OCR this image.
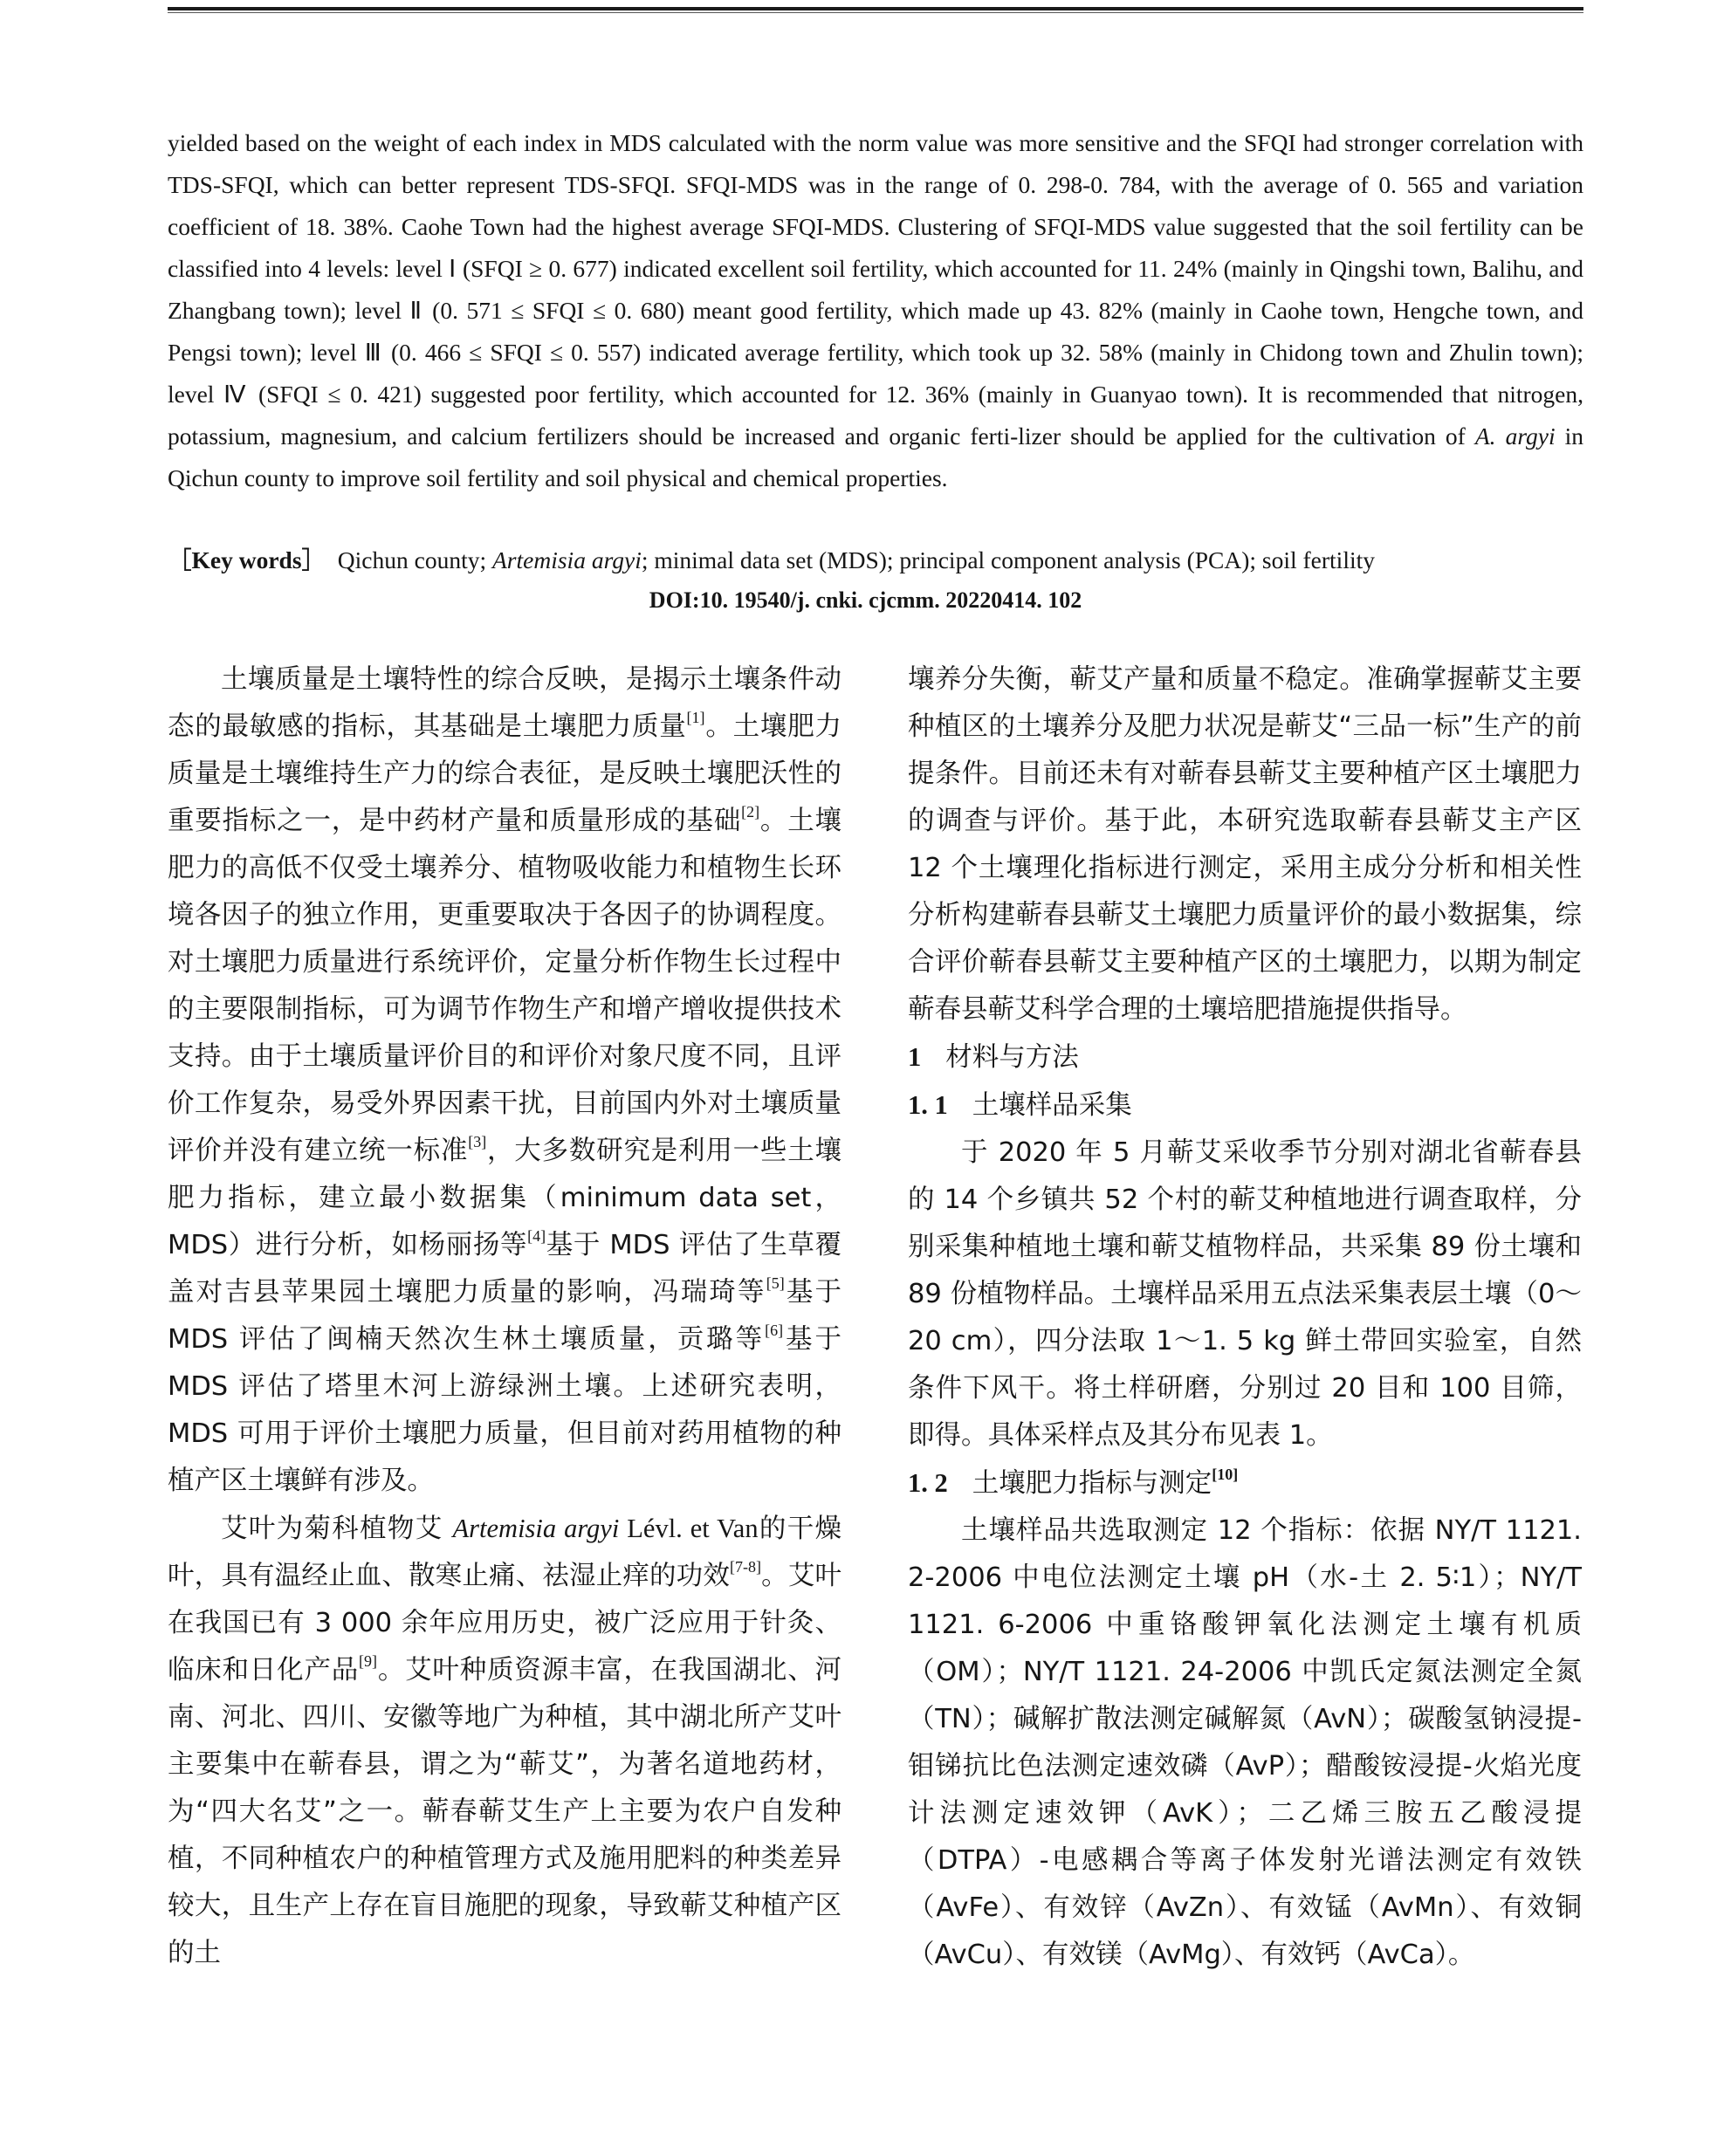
yielded based on the weight of each index in MDS calculated with the norm value was more sensitive and the SFQI had stronger correlation with TDS-SFQI, which can better represent TDS-SFQI. SFQI-MDS was in the range of 0. 298-0. 784, with the average of 0. 565 and variation coefficient of 18. 38%. Caohe Town had the highest average SFQI-MDS. Clustering of SFQI-MDS value suggested that the soil fertility can be classified into 4 levels: level Ⅰ (SFQI ≥ 0. 677) indicated excellent soil fertility, which accounted for 11. 24% (mainly in Qingshi town, Balihu, and Zhangbang town); level Ⅱ (0. 571 ≤ SFQI ≤ 0. 680) meant good fertility, which made up 43. 82% (mainly in Caohe town, Hengche town, and Pengsi town); level Ⅲ (0. 466 ≤ SFQI ≤ 0. 557) indicated average fertility, which took up 32. 58% (mainly in Chidong town and Zhulin town); level Ⅳ (SFQI ≤ 0. 421) suggested poor fertility, which accounted for 12. 36% (mainly in Guanyao town). It is recommended that nitrogen, potassium, magnesium, and calcium fertilizers should be increased and organic ferti-lizer should be applied for the cultivation of A. argyi in Qichun county to improve soil fertility and soil physical and chemical properties.
［Key words］ Qichun county; Artemisia argyi; minimal data set (MDS); principal component analysis (PCA); soil fertility
DOI:10. 19540/j. cnki. cjcmm. 20220414. 102

土壤质量是土壤特性的综合反映，是揭示土壤条件动态的最敏感的指标，其基础是土壤肥力质量[1]。土壤肥力质量是土壤维持生产力的综合表征，是反映土壤肥沃性的重要指标之一，是中药材产量和质量形成的基础[2]。土壤肥力的高低不仅受土壤养分、植物吸收能力和植物生长环境各因子的独立作用，更重要取决于各因子的协调程度。对土壤肥力质量进行系统评价，定量分析作物生长过程中的主要限制指标，可为调节作物生产和增产增收提供技术支持。由于土壤质量评价目的和评价对象尺度不同，且评价工作复杂，易受外界因素干扰，目前国内外对土壤质量评价并没有建立统一标准[3]，大多数研究是利用一些土壤肥力指标，建立最小数据集（minimum data set，MDS）进行分析，如杨丽扬等[4]基于 MDS 评估了生草覆盖对吉县苹果园土壤肥力质量的影响，冯瑞琦等[5]基于 MDS 评估了闽楠天然次生林土壤质量，贡璐等[6]基于 MDS 评估了塔里木河上游绿洲土壤。上述研究表明，MDS 可用于评价土壤肥力质量，但目前对药用植物的种植产区土壤鲜有涉及。

艾叶为菊科植物艾 Artemisia argyi Lévl. et Van的干燥叶，具有温经止血、散寒止痛、祛湿止痒的功效[7-8]。艾叶在我国已有 3 000 余年应用历史，被广泛应用于针灸、临床和日化产品[9]。艾叶种质资源丰富，在我国湖北、河南、河北、四川、安徽等地广为种植，其中湖北所产艾叶主要集中在蕲春县，谓之为“蕲艾”，为著名道地药材，为“四大名艾”之一。蕲春蕲艾生产上主要为农户自发种植，不同种植农户的种植管理方式及施用肥料的种类差异较大，且生产上存在盲目施肥的现象，导致蕲艾种植产区的土

壤养分失衡，蕲艾产量和质量不稳定。准确掌握蕲艾主要种植区的土壤养分及肥力状况是蕲艾“三品一标”生产的前提条件。目前还未有对蕲春县蕲艾主要种植产区土壤肥力的调查与评价。基于此，本研究选取蕲春县蕲艾主产区 12 个土壤理化指标进行测定，采用主成分分析和相关性分析构建蕲春县蕲艾土壤肥力质量评价的最小数据集，综合评价蕲春县蕲艾主要种植产区的土壤肥力，以期为制定蕲春县蕲艾科学合理的土壤培肥措施提供指导。

1 材料与方法
1. 1 土壤样品采集

于 2020 年 5 月蕲艾采收季节分别对湖北省蕲春县的 14 个乡镇共 52 个村的蕲艾种植地进行调查取样，分别采集种植地土壤和蕲艾植物样品，共采集 89 份土壤和 89 份植物样品。土壤样品采用五点法采集表层土壤（0～20 cm），四分法取 1～1. 5 kg 鲜土带回实验室，自然条件下风干。将土样研磨，分别过 20 目和 100 目筛，即得。具体采样点及其分布见表 1。

1. 2 土壤肥力指标与测定[10]

土壤样品共选取测定 12 个指标：依据 NY/T 1121. 2-2006 中电位法测定土壤 pH（水-土 2. 5∶1）；NY/T 1121. 6-2006 中重铬酸钾氧化法测定土壤有机质（OM）；NY/T 1121. 24-2006 中凯氏定氮法测定全氮（TN）；碱解扩散法测定碱解氮（AvN）；碳酸氢钠浸提-钼锑抗比色法测定速效磷（AvP）；醋酸铵浸提-火焰光度计法测定速效钾（AvK）；二乙烯三胺五乙酸浸提（DTPA）-电感耦合等离子体发射光谱法测定有效铁（AvFe）、有效锌（AvZn）、有效锰（AvMn）、有效铜（AvCu）、有效镁（AvMg）、有效钙（AvCa）。
